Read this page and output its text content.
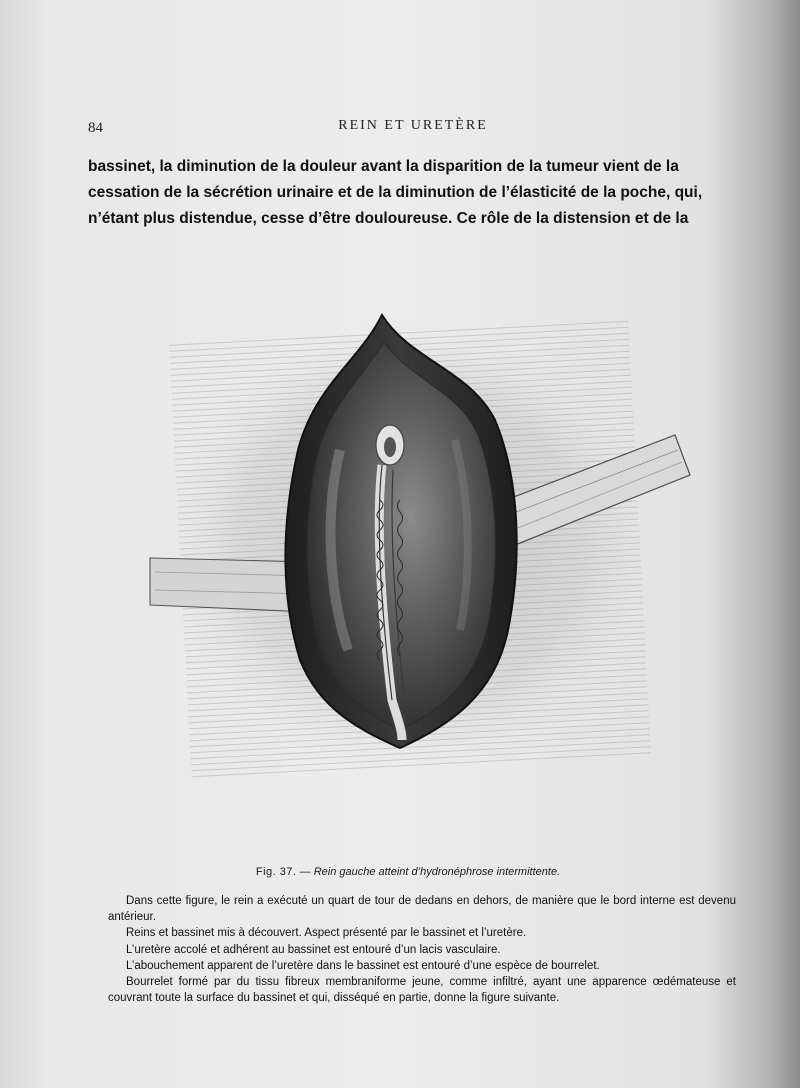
84	REIN ET URETÈRE

bassinet, la diminution de la douleur avant la disparition de la tumeur vient de la

cessation de la sécrétion urinaire et de la diminution de l’élasticité de la poche, qui,

n’étant plus distendue, cesse d’être douloureuse. Ce rôle de la distension et de la

Fig. 37. — Rein gauche atteint d’hydronéphrose intermittente.

Dans cette figure, le rein a exécuté un quart de tour de dedans en dehors, de manière que le bord interne est devenu antérieur.

Reins et bassinet mis à découvert. Aspect présenté par le bassinet et l’uretère.

L’uretère accolé et adhérent au bassinet est entouré d’un lacis vasculaire.

L’abouchement apparent de l’uretère dans le bassinet est entouré d’une espèce de bourrelet.

Bourrelet formé par du tissu fibreux membraniforme jeune, comme infiltré, ayant une apparence œdémateuse et couvrant toute la surface du bassinet et qui, disséqué en partie, donne la figure suivante.
